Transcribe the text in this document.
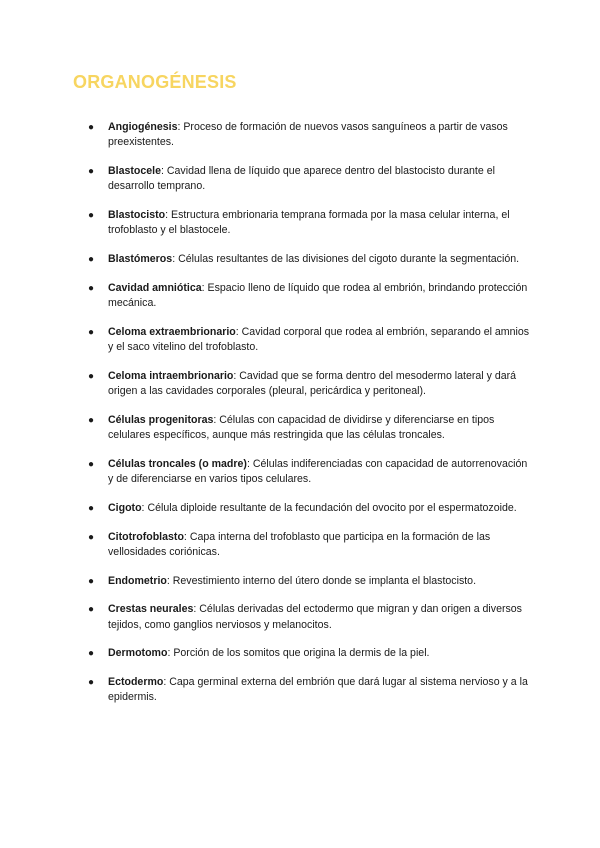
ORGANOGÉNESIS
● Angiogénesis: Proceso de formación de nuevos vasos sanguíneos a partir de vasos preexistentes.
● Blastocele: Cavidad llena de líquido que aparece dentro del blastocisto durante el desarrollo temprano.
● Blastocisto: Estructura embrionaria temprana formada por la masa celular interna, el trofoblasto y el blastocele.
● Blastómeros: Células resultantes de las divisiones del cigoto durante la segmentación.
● Cavidad amniótica: Espacio lleno de líquido que rodea al embrión, brindando protección mecánica.
● Celoma extraembrionario: Cavidad corporal que rodea al embrión, separando el amnios y el saco vitelino del trofoblasto.
● Celoma intraembrionario: Cavidad que se forma dentro del mesodermo lateral y dará origen a las cavidades corporales (pleural, pericárdica y peritoneal).
● Células progenitoras: Células con capacidad de dividirse y diferenciarse en tipos celulares específicos, aunque más restringida que las células troncales.
● Células troncales (o madre): Células indiferenciadas con capacidad de autorrenovación y de diferenciarse en varios tipos celulares.
● Cigoto: Célula diploide resultante de la fecundación del ovocito por el espermatozoide.
● Citotrofoblasto: Capa interna del trofoblasto que participa en la formación de las vellosidades coriónicas.
● Endometrio: Revestimiento interno del útero donde se implanta el blastocisto.
● Crestas neurales: Células derivadas del ectodermo que migran y dan origen a diversos tejidos, como ganglios nerviosos y melanocitos.
● Dermotomo: Porción de los somitos que origina la dermis de la piel.
● Ectodermo: Capa germinal externa del embrión que dará lugar al sistema nervioso y a la epidermis.
